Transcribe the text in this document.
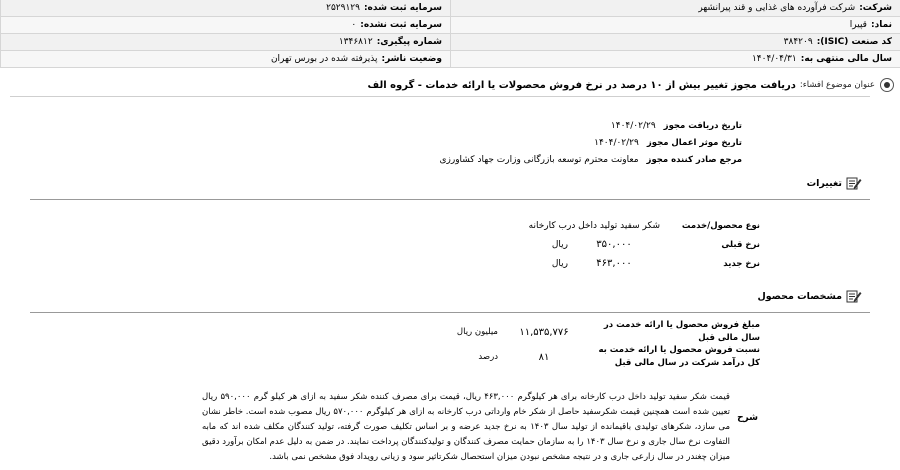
شرکت:
شرکت فرآورده های غذایی و قند پیرانشهر
سرمایه ثبت شده:
۲۵۲۹۱۲۹
نماد:
قپیرا
سرمایه ثبت نشده:
۰
کد صنعت (ISIC):
۳۸۴۲۰۹
شماره پیگیری:
۱۳۴۶۸۱۲
سال مالی منتهی به:
۱۴۰۴/۰۴/۳۱
وضعیت ناشر:
پذیرفته شده در بورس تهران
عنوان موضوع افشاء:
دریافت مجوز تغییر بیش از ۱۰ درصد در نرخ فروش محصولات یا ارائه خدمات - گروه الف
تاریخ دریافت مجوز
۱۴۰۴/۰۲/۲۹
تاریخ موثر اعمال مجوز
۱۴۰۴/۰۲/۲۹
مرجع صادر کننده مجوز
معاونت محترم توسعه بازرگانی وزارت جهاد کشاورزی
تغییرات
نوع محصول/خدمت
شکر سفید تولید داخل درب کارخانه
نرخ قبلی
۳۵۰,۰۰۰
ریال
نرخ جدید
۴۶۳,۰۰۰
ریال
مشخصات محصول
مبلغ فروش محصول یا ارائه خدمت در سال مالی قبل
۱۱,۵۳۵,۷۷۶
میلیون ریال
نسبت فروش محصول یا ارائه خدمت به کل درآمد شرکت در سال مالی قبل
۸۱
درصد
شرح
قیمت شکر سفید تولید داخل درب کارخانه برای هر کیلوگرم ۴۶۳,۰۰۰ ریال، قیمت برای مصرف کننده شکر سفید به ازای هر کیلو گرم ۵۹۰,۰۰۰ ریال تعیین شده است همچنین قیمت شکرسفید حاصل از شکر خام وارداتی درب کارخانه به ازای هر کیلوگرم ۵۷۰,۰۰۰ ریال مصوب شده است. خاطر نشان می سازد، شکرهای تولیدی باقیمانده از تولید سال ۱۴۰۳ به نرخ جدید عرضه و بر اساس تکلیف صورت گرفته، تولید کنندگان مکلف شده اند که مابه التفاوت نرخ سال جاری و نرخ سال ۱۴۰۳ را به سازمان حمایت مصرف کنندگان و تولیدکنندگان پرداخت نمایند. در ضمن به دلیل عدم امکان برآورد دقیق میزان چغندر در سال زارعی جاری و در نتیجه مشخص نبودن میزان استحصال شکرتاثیر سود و زیانی رویداد فوق مشخص نمی باشد.
